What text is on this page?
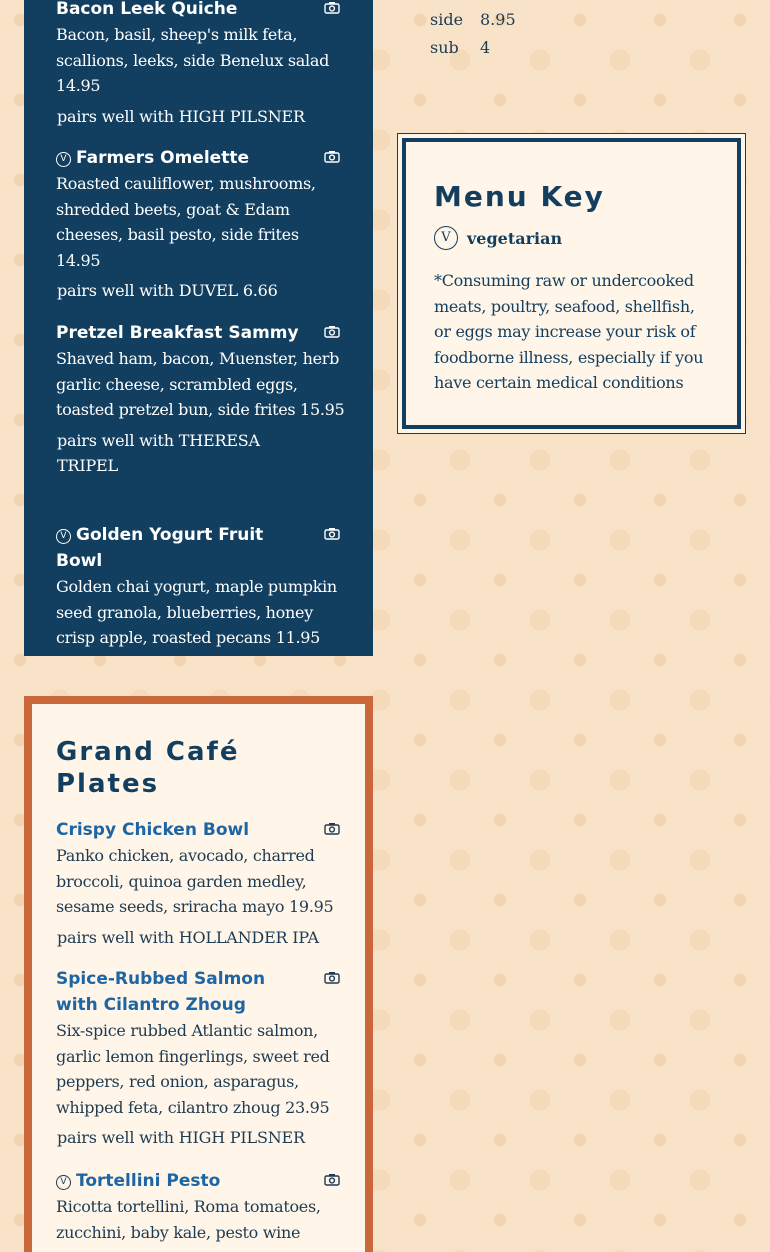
Bacon Leek Quiche
Bacon, basil, sheep's milk feta, scallions, leeks, side Benelux salad 14.95
pairs well with HIGH PILSNER
V Farmers Omelette
Roasted cauliflower, mushrooms, shredded beets, goat & Edam cheeses, basil pesto, side frites 14.95
pairs well with DUVEL 6.66
Pretzel Breakfast Sammy
Shaved ham, bacon, Muenster, herb garlic cheese, scrambled eggs, toasted pretzel bun, side frites 15.95
pairs well with THERESA TRIPEL
V Golden Yogurt Fruit Bowl
Golden chai yogurt, maple pumpkin seed granola, blueberries, honey crisp apple, roasted pecans 11.95
side	8.95
sub	4
Menu Key
V	vegetarian
*Consuming raw or undercooked meats, poultry, seafood, shellfish, or eggs may increase your risk of foodborne illness, especially if you have certain medical conditions
Grand Café Plates
Crispy Chicken Bowl
Panko chicken, avocado, charred broccoli, quinoa garden medley, sesame seeds, sriracha mayo 19.95
pairs well with HOLLANDER IPA
Spice-Rubbed Salmon with Cilantro Zhoug
Six-spice rubbed Atlantic salmon, garlic lemon fingerlings, sweet red peppers, red onion, asparagus, whipped feta, cilantro zhoug 23.95
pairs well with HIGH PILSNER
V Tortellini Pesto
Ricotta tortellini, Roma tomatoes, zucchini, baby kale, pesto wine
